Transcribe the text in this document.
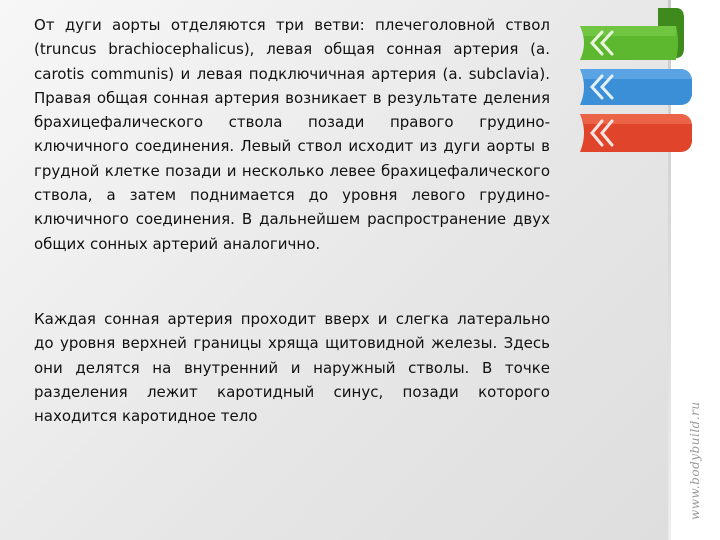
От дуги аорты отделяются три ветви: плечеголовной ствол (truncus brachiocephalicus), левая общая сонная артерия (a. carotis communis) и левая подключичная артерия (a. subclavia). Правая общая сонная артерия возникает в результате деления брахицефалического ствола позади правого грудино-ключичного соединения. Левый ствол исходит из дуги аорты в грудной клетке позади и несколько левее брахицефалического ствола, а затем поднимается до уровня левого грудино-ключичного соединения. В дальнейшем распространение двух общих сонных артерий аналогично.

Каждая сонная артерия проходит вверх и слегка латерально до уровня верхней границы хряща щитовидной железы. Здесь они делятся на внутренний и наружный стволы. В точке разделения лежит каротидный синус, позади которого находится каротидное тело	www.bodybuild.ru
